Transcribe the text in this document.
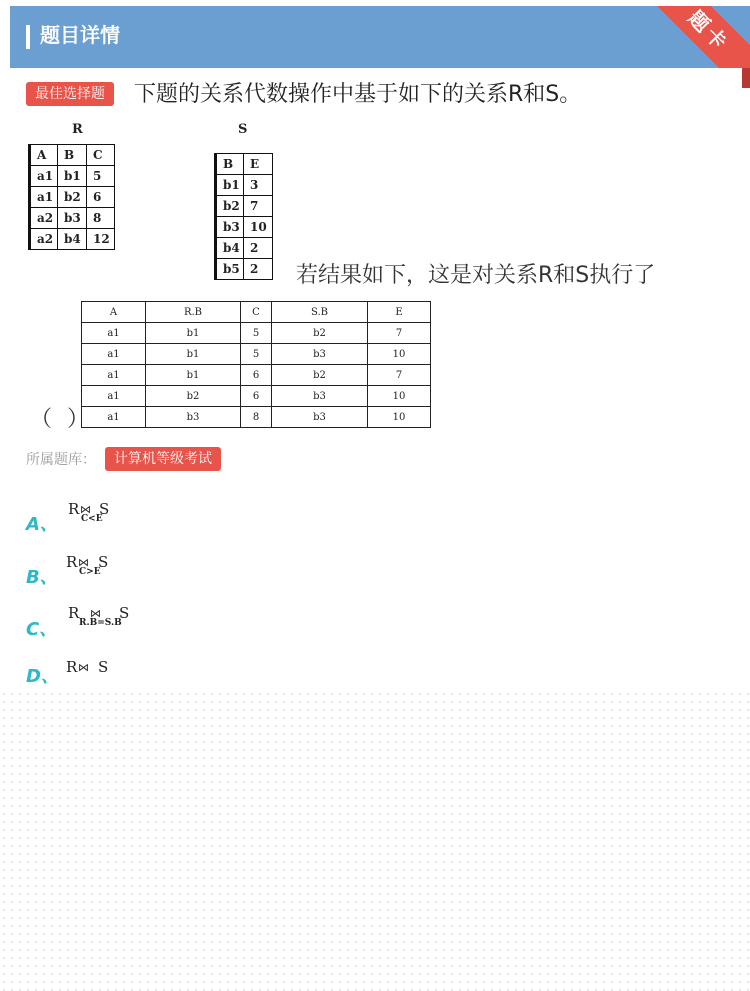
题目详情	题卡
最佳选择题	下题的关系代数操作中基于如下的关系R和S。
R
A	B	C
a1	b1	5
a1	b2	6
a2	b3	8
a2	b4	12
S
B	E
b1	3
b2	7
b3	10
b4	2
b5	2 若结果如下，这是对关系R和S执行了
A	R.B	C	S.B	E
a1	b1	5	b2	7
a1	b1	5	b3	10
a1	b1	6	b2	7
a1	b2	6	b3	10
a1	b3	8	b3	10
（ ）
所属题库：	计算机等级考试
A、
R ⋈ S
C<E
B、
R ⋈ S
C>E
C、
R ⋈ S
R.B=S.B
D、 R ⋈ S
